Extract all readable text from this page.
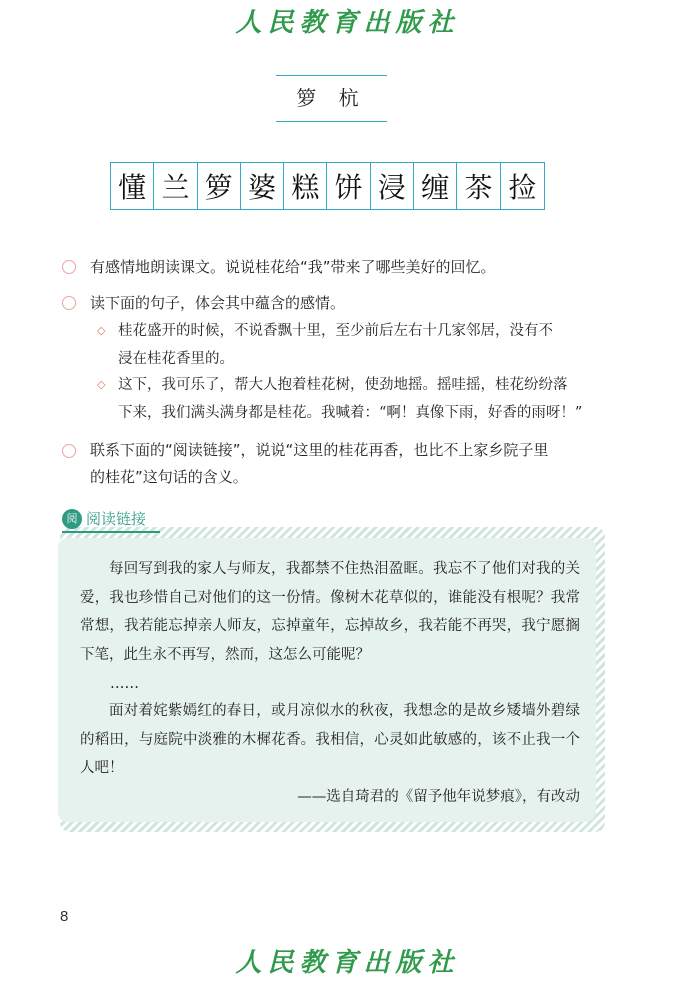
人民教育出版社
箩 杭
懂 兰 箩 婆 糕 饼 浸 缠 茶 捡
有感情地朗读课文。说说桂花给“我”带来了哪些美好的回忆。
读下面的句子，体会其中蕴含的感情。
◇ 桂花盛开的时候，不说香飘十里，至少前后左右十几家邻居，没有不
浸在桂花香里的。
◇ 这下，我可乐了，帮大人抱着桂花树，使劲地摇。摇哇摇，桂花纷纷落
下来，我们满头满身都是桂花。我喊着：“啊！真像下雨，好香的雨呀！”
联系下面的“阅读链接”，说说“这里的桂花再香，也比不上家乡院子里
的桂花”这句话的含义。
阅 阅读链接
每回写到我的家人与师友，我都禁不住热泪盈眶。我忘不了他们对我的关爱，我也珍惜自己对他们的这一份情。像树木花草似的，谁能没有根呢？我常常想，我若能忘掉亲人师友，忘掉童年，忘掉故乡，我若能不再哭，我宁愿搁下笔，此生永不再写，然而，这怎么可能呢？
……
面对着姹紫嫣红的春日，或月凉似水的秋夜，我想念的是故乡矮墙外碧绿的稻田，与庭院中淡雅的木樨花香。我相信，心灵如此敏感的，该不止我一个人吧！
——选自琦君的《留予他年说梦痕》，有改动
8
人民教育出版社
